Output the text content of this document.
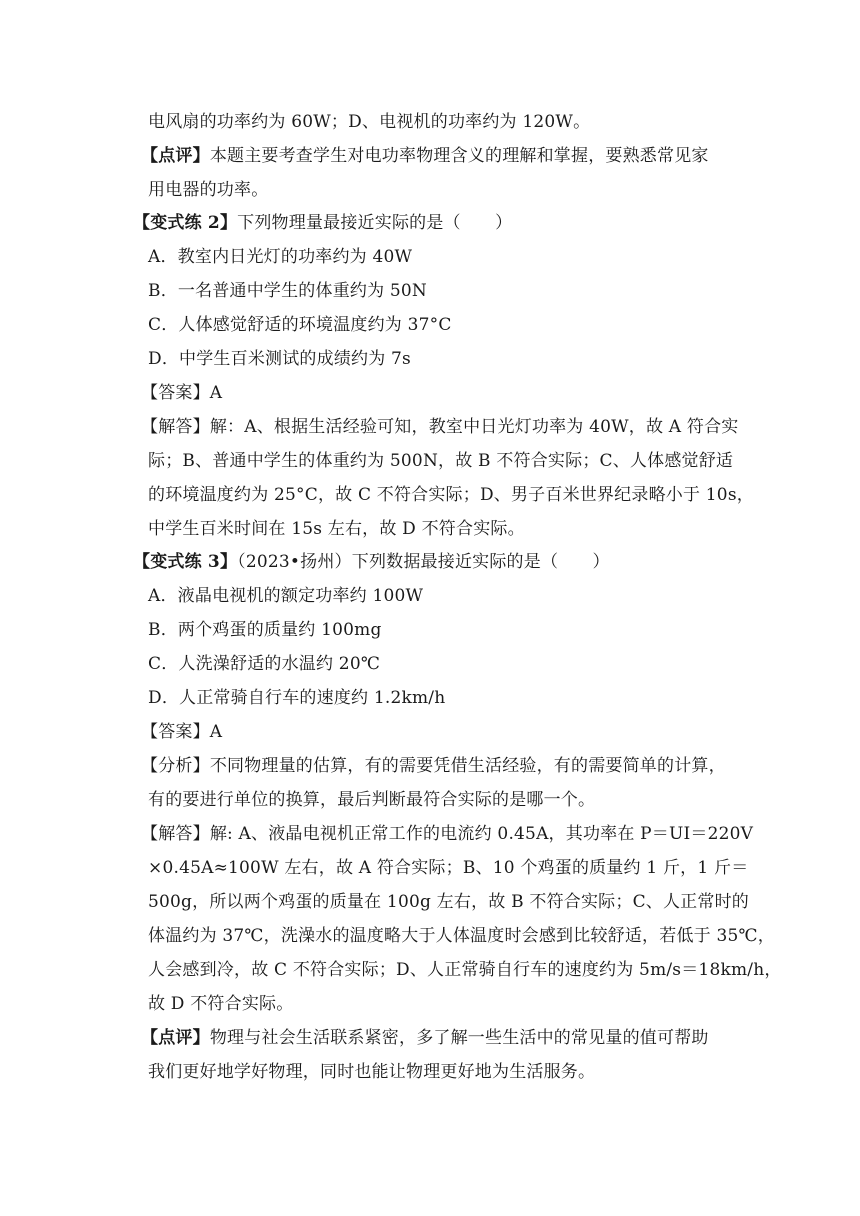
电风扇的功率约为 60W；D、电视机的功率约为 120W。
【点评】本题主要考查学生对电功率物理含义的理解和掌握，要熟悉常见家
用电器的功率。
【变式练 2】下列物理量最接近实际的是（　　）
A．教室内日光灯的功率约为 40W
B．一名普通中学生的体重约为 50N
C．人体感觉舒适的环境温度约为 37°C
D．中学生百米测试的成绩约为 7s
【答案】A
【解答】解：A、根据生活经验可知，教室中日光灯功率为 40W，故 A 符合实
际；B、普通中学生的体重约为 500N，故 B 不符合实际；C、人体感觉舒适
的环境温度约为 25°C，故 C 不符合实际；D、男子百米世界纪录略小于 10s，
中学生百米时间在 15s 左右，故 D 不符合实际。
【变式练 3】（2023•扬州）下列数据最接近实际的是（　　）
A．液晶电视机的额定功率约 100W
B．两个鸡蛋的质量约 100mg
C．人洗澡舒适的水温约 20℃
D．人正常骑自行车的速度约 1.2km/h
【答案】A
【分析】不同物理量的估算，有的需要凭借生活经验，有的需要简单的计算，
有的要进行单位的换算，最后判断最符合实际的是哪一个。
【解答】解: A、液晶电视机正常工作的电流约 0.45A，其功率在 P＝UI＝220V
×0.45A≈100W 左右，故 A 符合实际；B、10 个鸡蛋的质量约 1 斤，1 斤＝
500g，所以两个鸡蛋的质量在 100g 左右，故 B 不符合实际；C、人正常时的
体温约为 37℃，洗澡水的温度略大于人体温度时会感到比较舒适，若低于 35℃，
人会感到冷，故 C 不符合实际；D、人正常骑自行车的速度约为 5m/s＝18km/h，
故 D 不符合实际。
【点评】物理与社会生活联系紧密，多了解一些生活中的常见量的值可帮助
我们更好地学好物理，同时也能让物理更好地为生活服务。
